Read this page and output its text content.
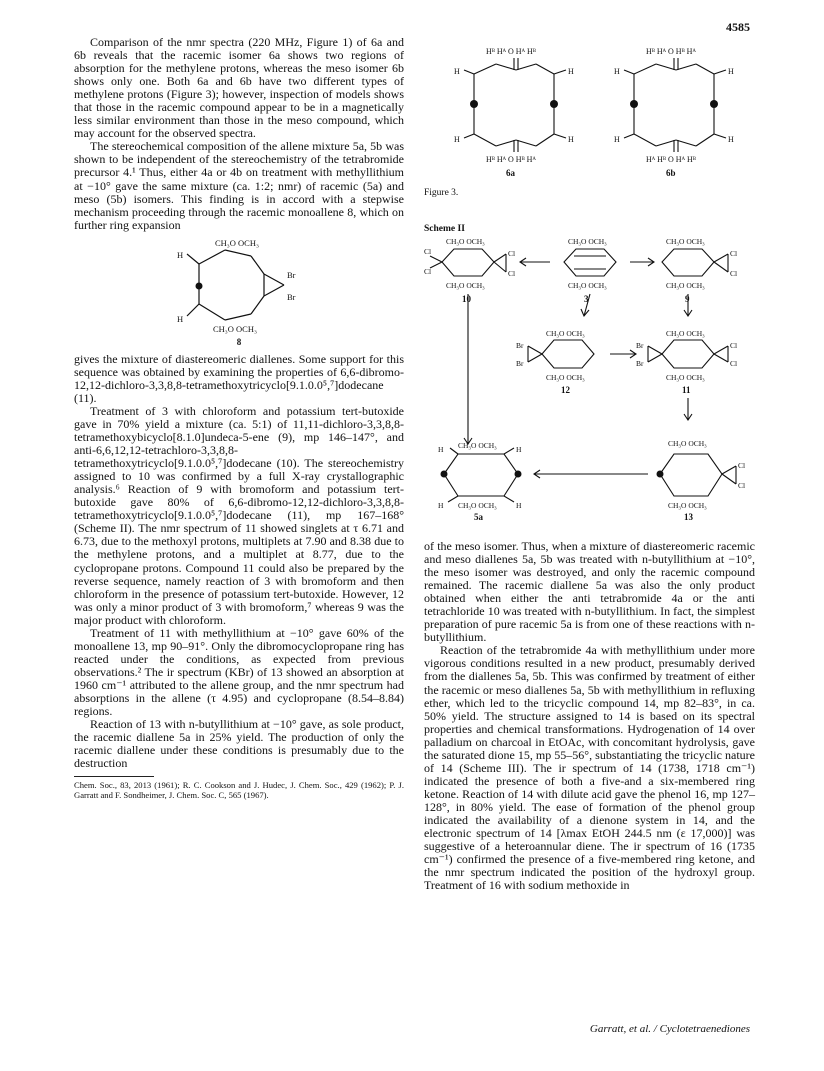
4585

Comparison of the nmr spectra (220 MHz, Figure 1) of 6a and 6b reveals that the racemic isomer 6a shows two regions of absorption for the methylene protons, whereas the meso isomer 6b shows only one. Both 6a and 6b have two different types of methylene protons (Figure 3); however, inspection of models shows that those in the racemic compound appear to be in a magnetically less similar environment than those in the meso compound, which may account for the observed spectra.

The stereochemical composition of the allene mixture 5a, 5b was shown to be independent of the stereochemistry of the tetrabromide precursor 4.¹ Thus, either 4a or 4b on treatment with methyllithium at −10° gave the same mixture (ca. 1:2; nmr) of racemic (5a) and meso (5b) isomers. This finding is in accord with a stepwise mechanism proceeding through the racemic monoallene 8, which on further ring expansion

H
H
CH₃O OCH₃
CH₃O OCH₃
Br
Br
8

gives the mixture of diastereomeric diallenes. Some support for this sequence was obtained by examining the properties of 6,6-dibromo-12,12-dichloro-3,3,8,8-tetramethoxytricyclo[9.1.0.0⁵,⁷]dodecane (11).

Treatment of 3 with chloroform and potassium tert-butoxide gave in 70% yield a mixture (ca. 5:1) of 11,11-dichloro-3,3,8,8-tetramethoxybicyclo[8.1.0]undeca-5-ene (9), mp 146–147°, and anti-6,6,12,12-tetrachloro-3,3,8,8-tetramethoxytricyclo[9.1.0.0⁵,⁷]dodecane (10). The stereochemistry assigned to 10 was confirmed by a full X-ray crystallographic analysis.⁶ Reaction of 9 with bromoform and potassium tert-butoxide gave 80% of 6,6-dibromo-12,12-dichloro-3,3,8,8-tetramethoxytricyclo[9.1.0.0⁵,⁷]dodecane (11), mp 167–168° (Scheme II). The nmr spectrum of 11 showed singlets at τ 6.71 and 6.73, due to the methoxyl protons, multiplets at 7.90 and 8.38 due to the methylene protons, and a multiplet at 8.77, due to the cyclopropane protons. Compound 11 could also be prepared by the reverse sequence, namely reaction of 3 with bromoform and then chloroform in the presence of potassium tert-butoxide. However, 12 was only a minor product of 3 with bromoform,⁷ whereas 9 was the major product with chloroform.

Treatment of 11 with methyllithium at −10° gave 60% of the monoallene 13, mp 90–91°. Only the dibromocyclopropane ring has reacted under the conditions, as expected from previous observations.² The ir spectrum (KBr) of 13 showed an absorption at 1960 cm⁻¹ attributed to the allene group, and the nmr spectrum had absorptions in the allene (τ 4.95) and cyclopropane (8.54–8.84) regions.

Reaction of 13 with n-butyllithium at −10° gave, as sole product, the racemic diallene 5a in 25% yield. The production of only the racemic diallene under these conditions is presumably due to the destruction

Chem. Soc., 83, 2013 (1961); R. C. Cookson and J. Hudec, J. Chem. Soc., 429 (1962); P. J. Garratt and F. Sondheimer, J. Chem. Soc. C, 565 (1967).
Hᴮ Hᴬ O Hᴬ Hᴮ
H	H
H	H
Hᴮ Hᴬ O Hᴮ Hᴬ
Hᴮ Hᴬ O Hᴮ Hᴬ
H	H
H	H
Hᴬ Hᴮ O Hᴬ Hᴮ
CH₃O OCH₃
Cl
Cl
Cl
Cl
CH₃O OCH₃
CH₃O OCH₃
CH₃O OCH₃
CH₃O OCH₃
Cl
Cl
CH₃O OCH₃
CH₃O OCH₃
Br
Br
CH₃O OCH₃
CH₃O OCH₃
Br
Br
Cl
Cl
CH₃O OCH₃
CH₃O OCH₃
H	H
H	H
CH₃O OCH₃
CH₃O OCH₃
Cl
Cl
CH₃O OCH₃
6a	6b
10	3	9
12	11
5a	13
Figure 3.
Scheme II

of the meso isomer. Thus, when a mixture of diastereomeric racemic and meso diallenes 5a, 5b was treated with n-butyllithium at −10°, the meso isomer was destroyed, and only the racemic compound remained. The racemic diallene 5a was also the only product obtained when either the anti tetrabromide 4a or the anti tetrachloride 10 was treated with n-butyllithium. In fact, the simplest preparation of pure racemic 5a is from one of these reactions with n-butyllithium.

Reaction of the tetrabromide 4a with methyllithium under more vigorous conditions resulted in a new product, presumably derived from the diallenes 5a, 5b. This was confirmed by treatment of either the racemic or meso diallenes 5a, 5b with methyllithium in refluxing ether, which led to the tricyclic compound 14, mp 82–83°, in ca. 50% yield. The structure assigned to 14 is based on its spectral properties and chemical transformations. Hydrogenation of 14 over palladium on charcoal in EtOAc, with concomitant hydrolysis, gave the saturated dione 15, mp 55–56°, substantiating the tricyclic nature of 14 (Scheme III). The ir spectrum of 14 (1738, 1718 cm⁻¹) indicated the presence of both a five-and a six-membered ring ketone. Reaction of 14 with dilute acid gave the phenol 16, mp 127–128°, in 80% yield. The ease of formation of the phenol group indicated the availability of a dienone system in 14, and the electronic spectrum of 14 [λmax EtOH 244.5 nm (ε 17,000)] was suggestive of a heteroannular diene. The ir spectrum of 16 (1735 cm⁻¹) confirmed the presence of a five-membered ring ketone, and the nmr spectrum indicated the position of the hydroxyl group. Treatment of 16 with sodium methoxide in

Garratt, et al. / Cyclotetraenediones
